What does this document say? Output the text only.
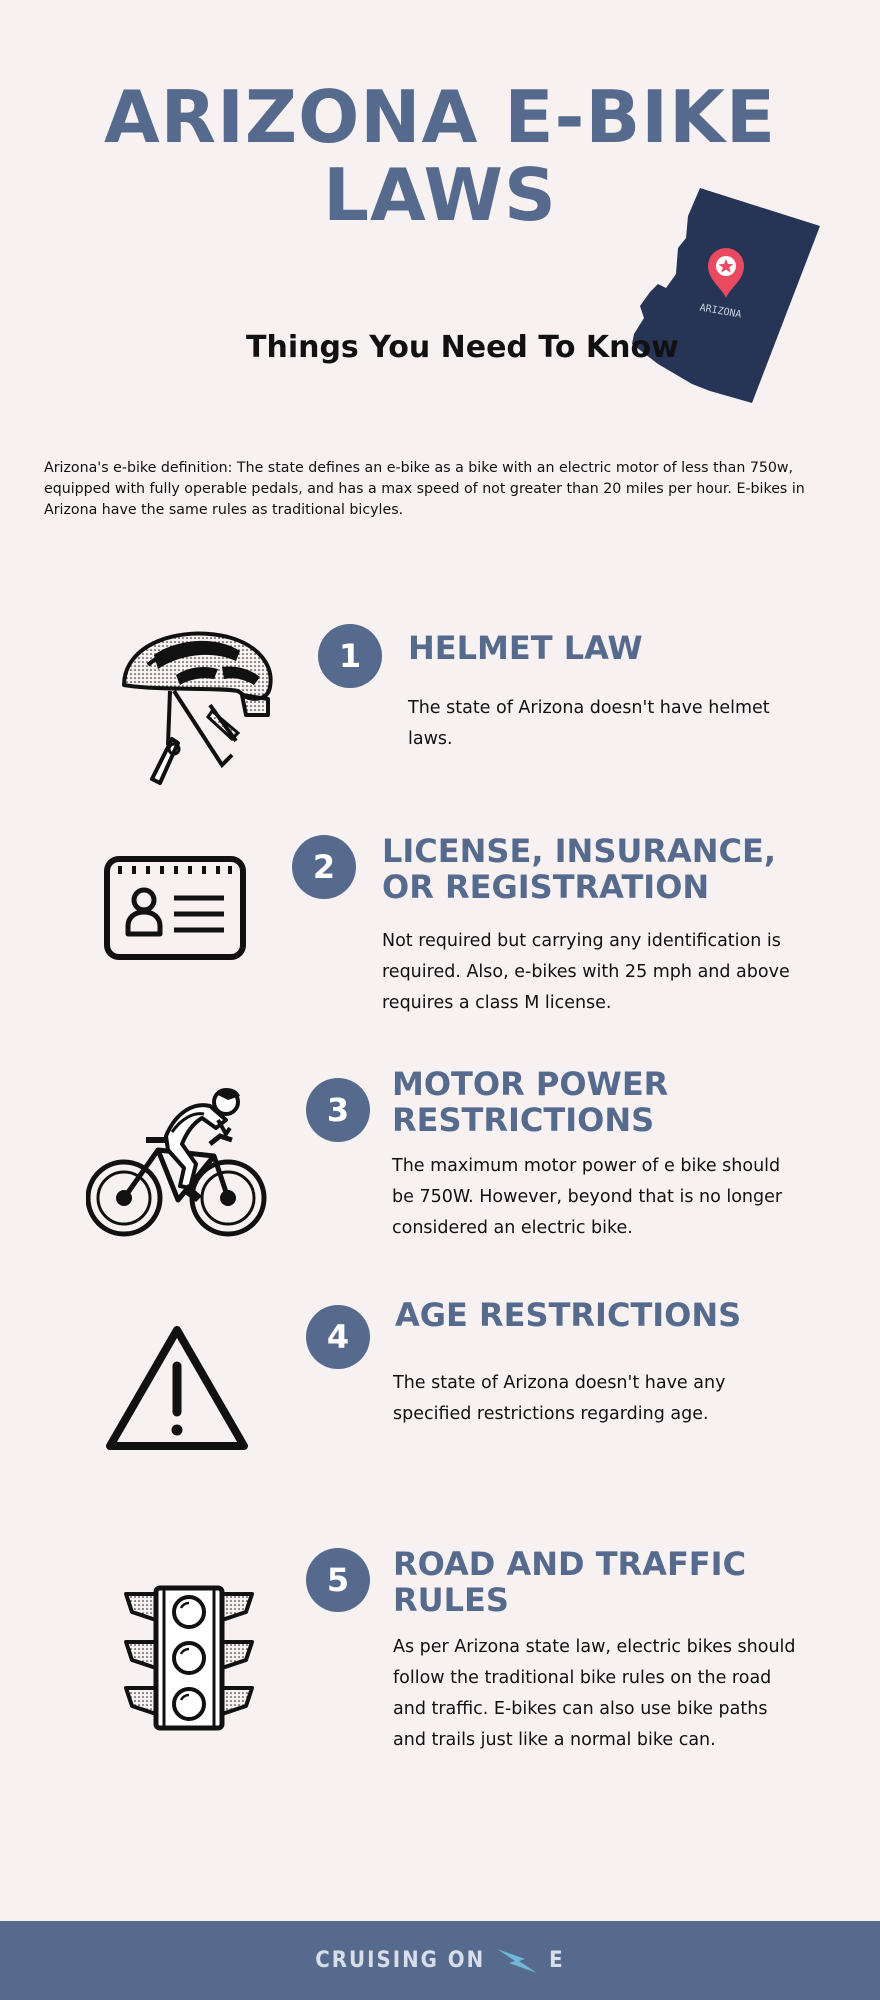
ARIZONA E-BIKE
LAWS
ARIZONA
Things You Need To Know

Arizona's e-bike definition: The state defines an e-bike as a bike with an electric motor of less than 750w, equipped with fully operable pedals, and has a max speed of not greater than 20 miles per hour. E-bikes in Arizona have the same rules as traditional bicyles.

1	HELMET LAW

The state of Arizona doesn't have helmet laws.

2	LICENSE, INSURANCE, OR REGISTRATION

Not required but carrying any identification is required. Also, e-bikes with 25 mph and above requires a class M license.

3
MOTOR POWER RESTRICTIONS

The maximum motor power of e bike should be 750W. However, beyond that is no longer considered an electric bike.

4
AGE RESTRICTIONS

The state of Arizona doesn't have any specified restrictions regarding age.

5	ROAD AND TRAFFIC RULES

As per Arizona state law, electric bikes should follow the traditional bike rules on the road and traffic. E-bikes can also use bike paths and trails just like a normal bike can.

CRUISING ON	E
